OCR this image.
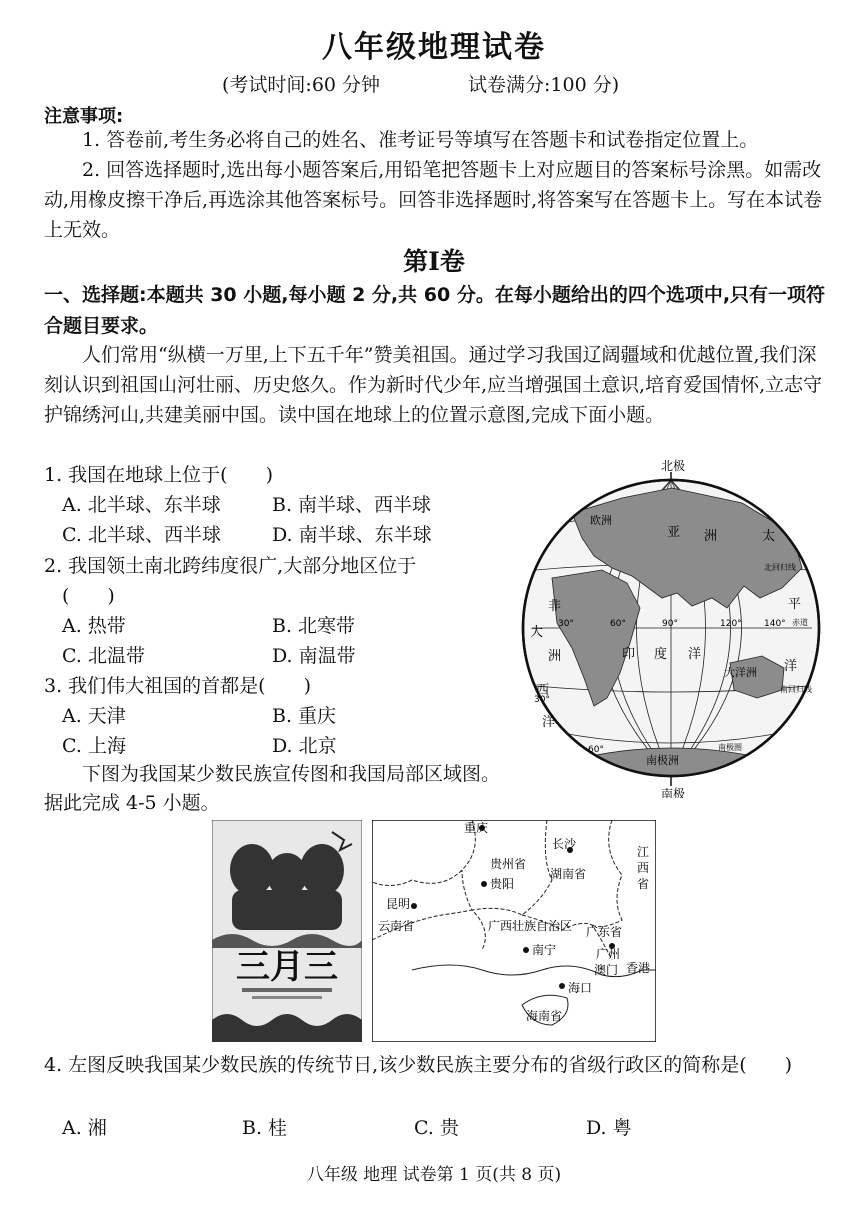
八年级地理试卷
(考试时间:60 分钟	试卷满分:100 分)
注意事项:
1. 答卷前,考生务必将自己的姓名、准考证号等填写在答题卡和试卷指定位置上。
2. 回答选择题时,选出每小题答案后,用铅笔把答题卡上对应题目的答案标号涂黑。如需改动,用橡皮擦干净后,再选涂其他答案标号。回答非选择题时,将答案写在答题卡上。写在本试卷上无效。
第Ⅰ卷
一、选择题:本题共 30 小题,每小题 2 分,共 60 分。在每小题给出的四个选项中,只有一项符合题目要求。
人们常用“纵横一万里,上下五千年”赞美祖国。通过学习我国辽阔疆域和优越位置,我们深刻认识到祖国山河壮丽、历史悠久。作为新时代少年,应当增强国土意识,培育爱国情怀,立志守护锦绣河山,共建美丽中国。读中国在地球上的位置示意图,完成下面小题。
1. 我国在地球上位于(　　)
A. 北半球、东半球	B. 南半球、西半球
C. 北半球、西半球	D. 南半球、东半球
2. 我国领土南北跨纬度很广,大部分地区位于
(　　)
A. 热带	B. 北寒带
C. 北温带	D. 南温带
3. 我们伟大祖国的首都是(　　)
A. 天津	B. 重庆
C. 上海	D. 北京
下图为我国某少数民族宣传图和我国局部区域图。据此完成 4-5 小题。
北极
南极
欧洲
亚 洲	太
平
洋
非
洲
大
西
洋
印 度 洋
大洋洲
南极洲
北回归线
赤道
南回归线
南极圈
30°	60°	90°	120° 140°
30°
60°
三月三
重庆
贵州省
贵阳
长沙
湖南省
江
西
省
昆明
云南省	广西壮族自治区
南宁
广东省
广州
澳门 香港
海口
海南省
4. 左图反映我国某少数民族的传统节日,该少数民族主要分布的省级行政区的简称是(　　)
A. 湘	B. 桂	C. 贵	D. 粤
八年级 地理 试卷第 1 页(共 8 页)
